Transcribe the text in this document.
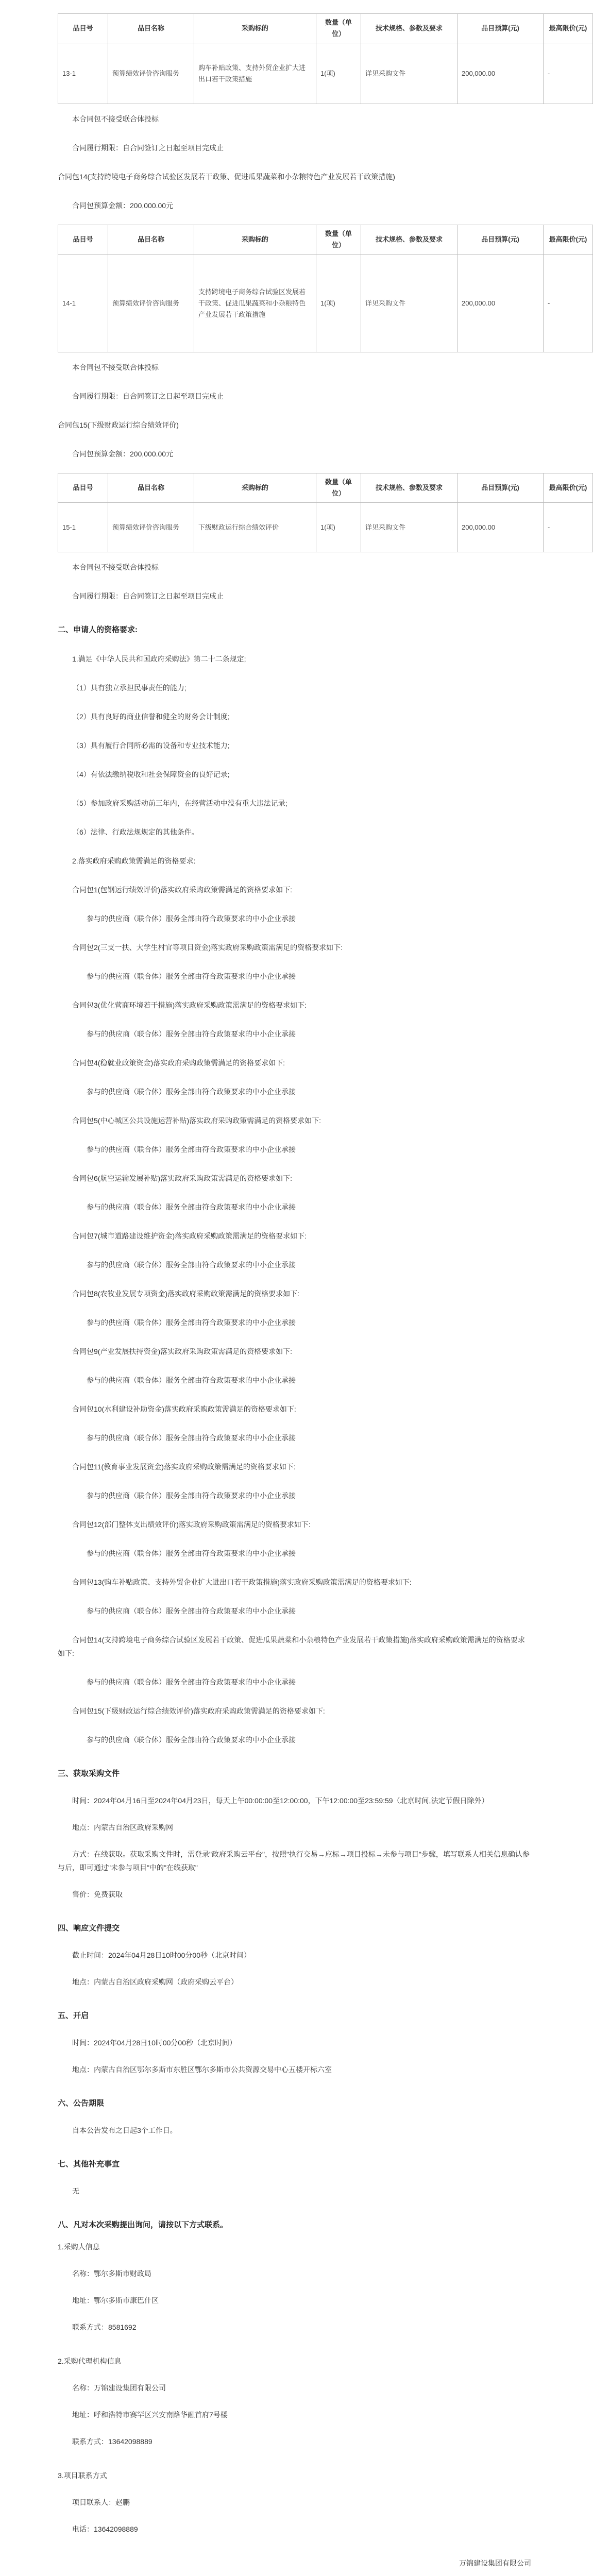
品目号	品目名称	采购标的	数量（单位）	技术规格、参数及要求	品目预算(元)	最高限价(元)
13-1	预算绩效评价咨询服务	购车补贴政策、支持外贸企业扩大进出口若干政策措施	1(项)	详见采购文件	200,000.00	-

本合同包不接受联合体投标

合同履行期限：自合同签订之日起至项目完成止

合同包14(支持跨境电子商务综合试验区发展若干政策、促进瓜果蔬菜和小杂粮特色产业发展若干政策措施)

合同包预算金额：200,000.00元

品目号	品目名称	采购标的	数量（单位）	技术规格、参数及要求	品目预算(元)	最高限价(元)
14-1	预算绩效评价咨询服务	支持跨境电子商务综合试验区发展若干政策、促进瓜果蔬菜和小杂粮特色产业发展若干政策措施	1(项)	详见采购文件	200,000.00	-

本合同包不接受联合体投标

合同履行期限：自合同签订之日起至项目完成止

合同包15(下级财政运行综合绩效评价)

合同包预算金额：200,000.00元

品目号	品目名称	采购标的	数量（单位）	技术规格、参数及要求	品目预算(元)	最高限价(元)
15-1	预算绩效评价咨询服务	下级财政运行综合绩效评价	1(项)	详见采购文件	200,000.00	-

本合同包不接受联合体投标

合同履行期限：自合同签订之日起至项目完成止

二、申请人的资格要求:

1.满足《中华人民共和国政府采购法》第二十二条规定;

（1）具有独立承担民事责任的能力;

（2）具有良好的商业信誉和健全的财务会计制度;

（3）具有履行合同所必需的设备和专业技术能力;

（4）有依法缴纳税收和社会保障资金的良好记录;

（5）参加政府采购活动前三年内，在经营活动中没有重大违法记录;

（6）法律、行政法规规定的其他条件。

2.落实政府采购政策需满足的资格要求:

合同包1(包钢运行绩效评价)落实政府采购政策需满足的资格要求如下:

参与的供应商（联合体）服务全部由符合政策要求的中小企业承接

合同包2(三支一扶、大学生村官等项目资金)落实政府采购政策需满足的资格要求如下:

参与的供应商（联合体）服务全部由符合政策要求的中小企业承接

合同包3(优化营商环境若干措施)落实政府采购政策需满足的资格要求如下:

参与的供应商（联合体）服务全部由符合政策要求的中小企业承接

合同包4(稳就业政策资金)落实政府采购政策需满足的资格要求如下:

参与的供应商（联合体）服务全部由符合政策要求的中小企业承接

合同包5(中心城区公共设施运营补贴)落实政府采购政策需满足的资格要求如下:

参与的供应商（联合体）服务全部由符合政策要求的中小企业承接

合同包6(航空运输发展补贴)落实政府采购政策需满足的资格要求如下:

参与的供应商（联合体）服务全部由符合政策要求的中小企业承接

合同包7(城市道路建设维护资金)落实政府采购政策需满足的资格要求如下:

参与的供应商（联合体）服务全部由符合政策要求的中小企业承接

合同包8(农牧业发展专项资金)落实政府采购政策需满足的资格要求如下:

参与的供应商（联合体）服务全部由符合政策要求的中小企业承接

合同包9(产业发展扶持资金)落实政府采购政策需满足的资格要求如下:

参与的供应商（联合体）服务全部由符合政策要求的中小企业承接

合同包10(水利建设补助资金)落实政府采购政策需满足的资格要求如下:

参与的供应商（联合体）服务全部由符合政策要求的中小企业承接

合同包11(教育事业发展资金)落实政府采购政策需满足的资格要求如下:

参与的供应商（联合体）服务全部由符合政策要求的中小企业承接

合同包12(部门整体支出绩效评价)落实政府采购政策需满足的资格要求如下:

参与的供应商（联合体）服务全部由符合政策要求的中小企业承接

合同包13(购车补贴政策、支持外贸企业扩大进出口若干政策措施)落实政府采购政策需满足的资格要求如下:

参与的供应商（联合体）服务全部由符合政策要求的中小企业承接

合同包14(支持跨境电子商务综合试验区发展若干政策、促进瓜果蔬菜和小杂粮特色产业发展若干政策措施)落实政府采购政策需满足的资格要求如下:

参与的供应商（联合体）服务全部由符合政策要求的中小企业承接

合同包15(下级财政运行综合绩效评价)落实政府采购政策需满足的资格要求如下:

参与的供应商（联合体）服务全部由符合政策要求的中小企业承接

三、获取采购文件

时间：2024年04月16日至2024年04月23日，每天上午00:00:00至12:00:00，下午12:00:00至23:59:59（北京时间,法定节假日除外）

地点：内蒙古自治区政府采购网

方式：在线获取。获取采购文件时，需登录"政府采购云平台"，按照"执行交易→应标→项目投标→未参与项目"步骤，填写联系人相关信息确认参与后，即可通过"未参与项目"中的"在线获取"

售价：免费获取

四、响应文件提交

截止时间：2024年04月28日10时00分00秒（北京时间）

地点：内蒙古自治区政府采购网（政府采购云平台）

五、开启

时间：2024年04月28日10时00分00秒（北京时间）

地点：内蒙古自治区鄂尔多斯市东胜区鄂尔多斯市公共资源交易中心五楼开标六室

六、公告期限

自本公告发布之日起3个工作日。

七、其他补充事宜

无

八、凡对本次采购提出询问，请按以下方式联系。

1.采购人信息

名称：鄂尔多斯市财政局

地址：鄂尔多斯市康巴什区

联系方式：8581692

2.采购代理机构信息

名称：万锦建设集团有限公司

地址：呼和浩特市赛罕区兴安南路华融首府7号楼

联系方式：13642098889

3.项目联系方式

项目联系人：赵鹏

电话：13642098889

万锦建设集团有限公司
